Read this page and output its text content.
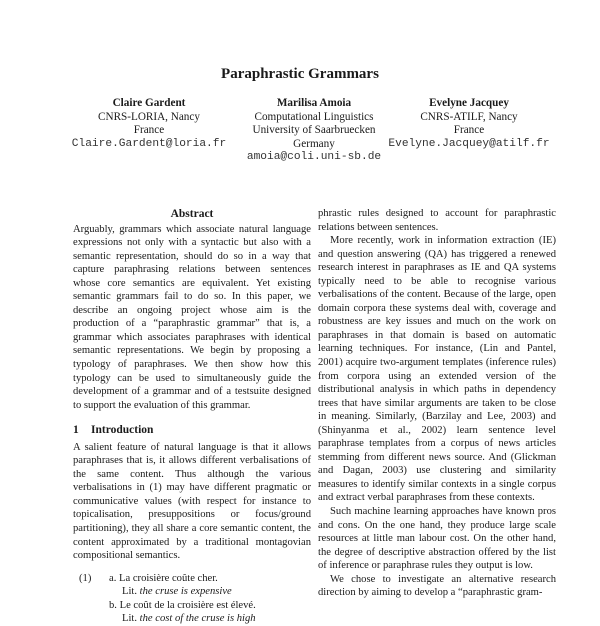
Paraphrastic Grammars
Claire Gardent
CNRS-LORIA, Nancy
France
Claire.Gardent@loria.fr
Marilisa Amoia
Computational Linguistics
University of Saarbruecken
Germany
amoia@coli.uni-sb.de
Evelyne Jacquey
CNRS-ATILF, Nancy
France
Evelyne.Jacquey@atilf.fr
Abstract

Arguably, grammars which associate natural language expressions not only with a syntactic but also with a semantic representation, should do so in a way that capture paraphrasing relations between sentences whose core semantics are equivalent. Yet existing semantic grammars fail to do so. In this paper, we describe an ongoing project whose aim is the production of a “paraphrastic grammar” that is, a grammar which associates paraphrases with identical semantic representations. We begin by proposing a typology of paraphrases. We then show how this typology can be used to simultaneously guide the development of a grammar and of a testsuite designed to support the evaluation of this grammar.

1 Introduction

A salient feature of natural language is that it allows paraphrases that is, it allows different verbalisations of the same content. Thus although the various verbalisations in (1) may have different pragmatic or communicative values (with respect for instance to topicalisation, presuppositions or focus/ground partitioning), they all share a core semantic content, the content approximated by a traditional montagovian compositional semantics.

(1)	a. La croisière coûte cher.
Lit. the cruse is expensive
b. Le coût de la croisière est élevé.
Lit. the cost of the cruse is high

phrastic rules designed to account for paraphrastic relations between sentences.

More recently, work in information extraction (IE) and question answering (QA) has triggered a renewed research interest in paraphrases as IE and QA systems typically need to be able to recognise various verbalisations of the content. Because of the large, open domain corpora these systems deal with, coverage and robustness are key issues and much on the work on paraphrases in that domain is based on automatic learning techniques. For instance, (Lin and Pantel, 2001) acquire two-argument templates (inference rules) from corpora using an extended version of the distributional analysis in which paths in dependency trees that have similar arguments are taken to be close in meaning. Similarly, (Barzilay and Lee, 2003) and (Shinyanma et al., 2002) learn sentence level paraphrase templates from a corpus of news articles stemming from different news source. And (Glickman and Dagan, 2003) use clustering and similarity measures to identify similar contexts in a single corpus and extract verbal paraphrases from these contexts.

Such machine learning approaches have known pros and cons. On the one hand, they produce large scale resources at little man labour cost. On the other hand, the degree of descriptive abstraction offered by the list of inference or paraphrase rules they output is low.

We chose to investigate an alternative research direction by aiming to develop a “paraphrastic gram-
